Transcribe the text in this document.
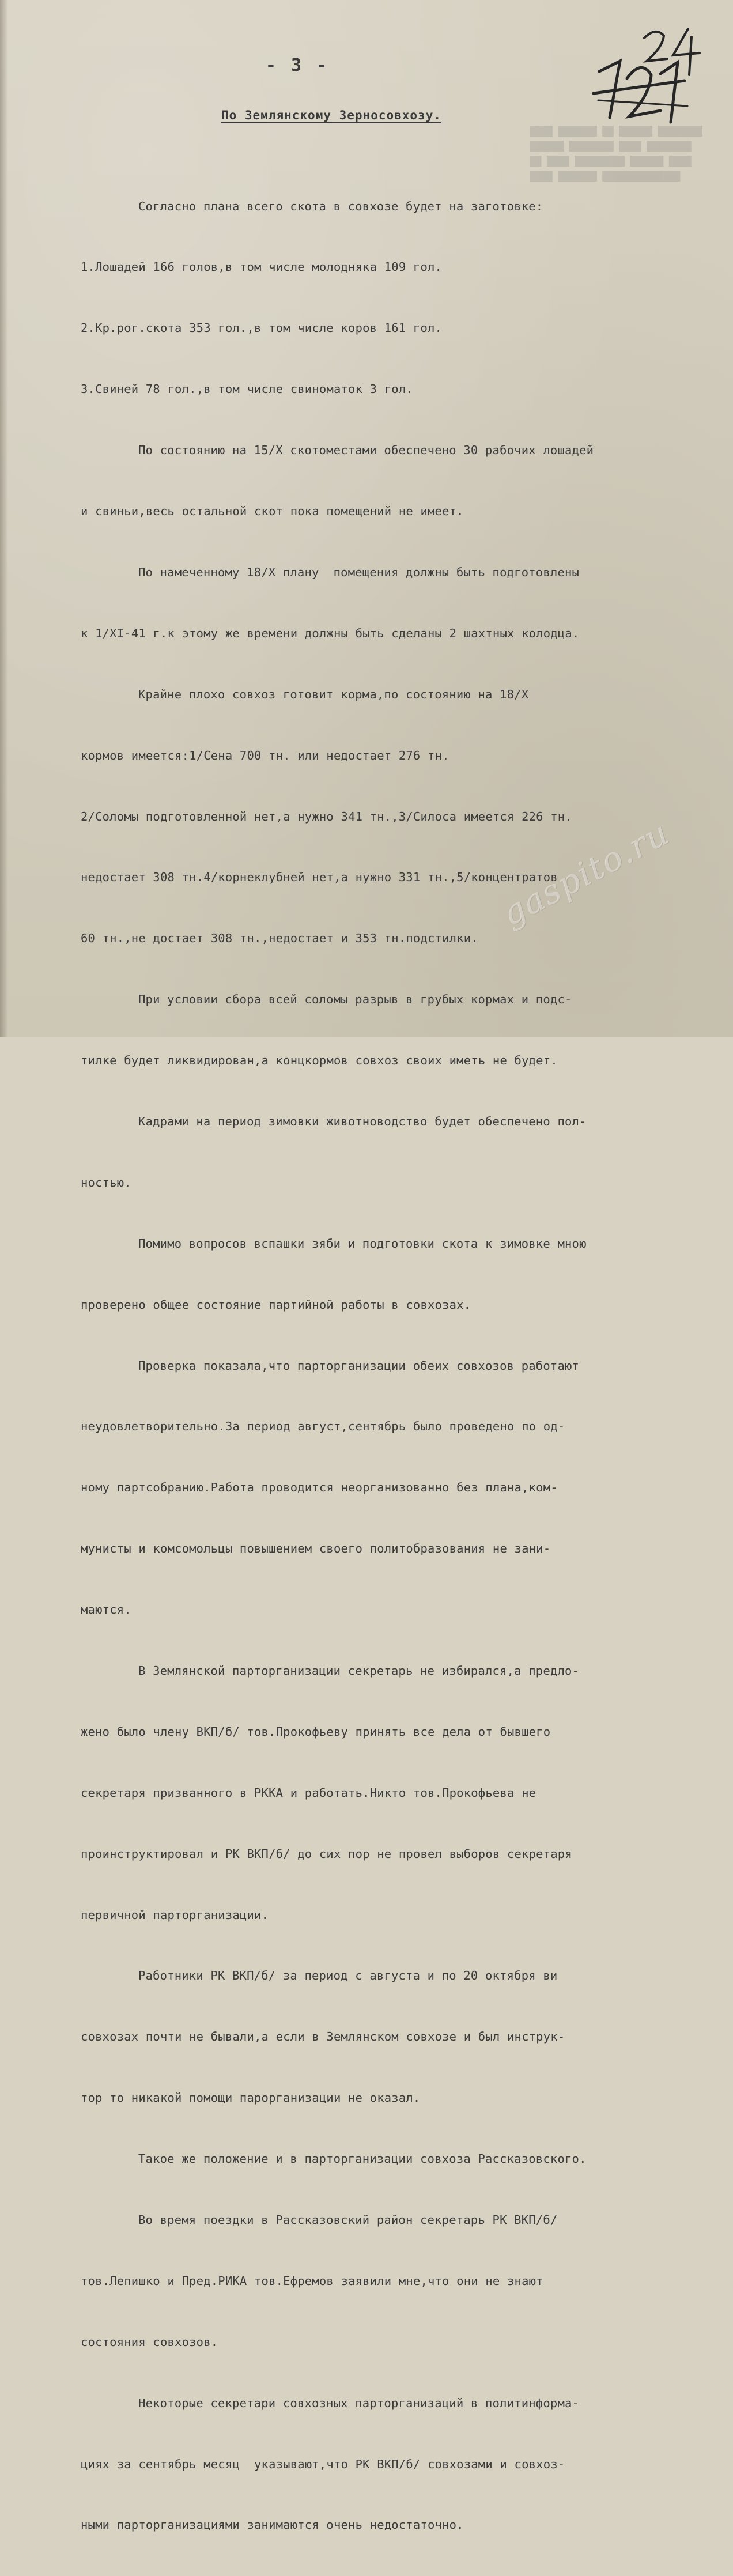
- 3 -
По Землянскому Зерносовхозу.
████ ███████ ██ ██████ ████████
██████ ████████ ████ ████████
██ ████ █████████ ██████ ████
████ ███████ ██████████████

Согласно плана всего скота в совхозе будет на заготовке:

1.Лошадей 166 голов,в том числе молодняка 109 гол.

2.Кр.рог.скота 353 гол.,в том числе коров 161 гол.

3.Свиней 78 гол.,в том числе свиноматок 3 гол.

По состоянию на 15/X скотоместами обеспечено 30 рабочих лошадей

и свиньи,весь остальной скот пока помещений не имеет.

По намеченному 18/X плану  помещения должны быть подготовлены

к 1/XI-41 г.к этому же времени должны быть сделаны 2 шахтных колодца.

Крайне плохо совхоз готовит корма,по состоянию на 18/X

кормов имеется:1/Сена 700 тн. или недостает 276 тн.

2/Соломы подготовленной нет,а нужно 341 тн.,3/Силоса имеется 226 тн.

недостает 308 тн.4/корнеклубней нет,а нужно 331 тн.,5/концентратов

60 тн.,не достает 308 тн.,недостает и 353 тн.подстилки.

При условии сбора всей соломы разрыв в грубых кормах и подс-

тилке будет ликвидирован,а концкормов совхоз своих иметь не будет.

Кадрами на период зимовки животноводство будет обеспечено пол-

ностью.

Помимо вопросов вспашки зяби и подготовки скота к зимовке мною

проверено общее состояние партийной работы в совхозах.

Проверка показала,что парторганизации обеих совхозов работают

неудовлетворительно.За период август,сентябрь было проведено по од-

ному партсобранию.Работа проводится неорганизованно без плана,ком-

мунисты и комсомольцы повышением своего политобразования не зани-

маются.

В Землянской парторганизации секретарь не избирался,а предло-

жено было члену ВКП/б/ тов.Прокофьеву принять все дела от бывшего

секретаря призванного в РККА и работать.Никто тов.Прокофьева не

проинструктировал и РК ВКП/б/ до сих пор не провел выборов секретаря

первичной парторганизации.

Работники РК ВКП/б/ за период с августа и по 20 октября ви

совхозах почти не бывали,а если в Землянском совхозе и был инструк-

тор то никакой помощи парорганизации не оказал.

Такое же положение и в парторганизации совхоза Рассказовского.

Во время поездки в Рассказовский район секретарь РК ВКП/б/

тов.Лепишко и Пред.РИКА тов.Ефремов заявили мне,что они не знают

состояния совхозов.

Некоторые секретари совхозных парторганизаций в политинформа-

циях за сентябрь месяц  указывают,что РК ВКП/б/ совхозами и совхоз-

ными парторганизациями занимаются очень недостаточно.

gaspito.ru
